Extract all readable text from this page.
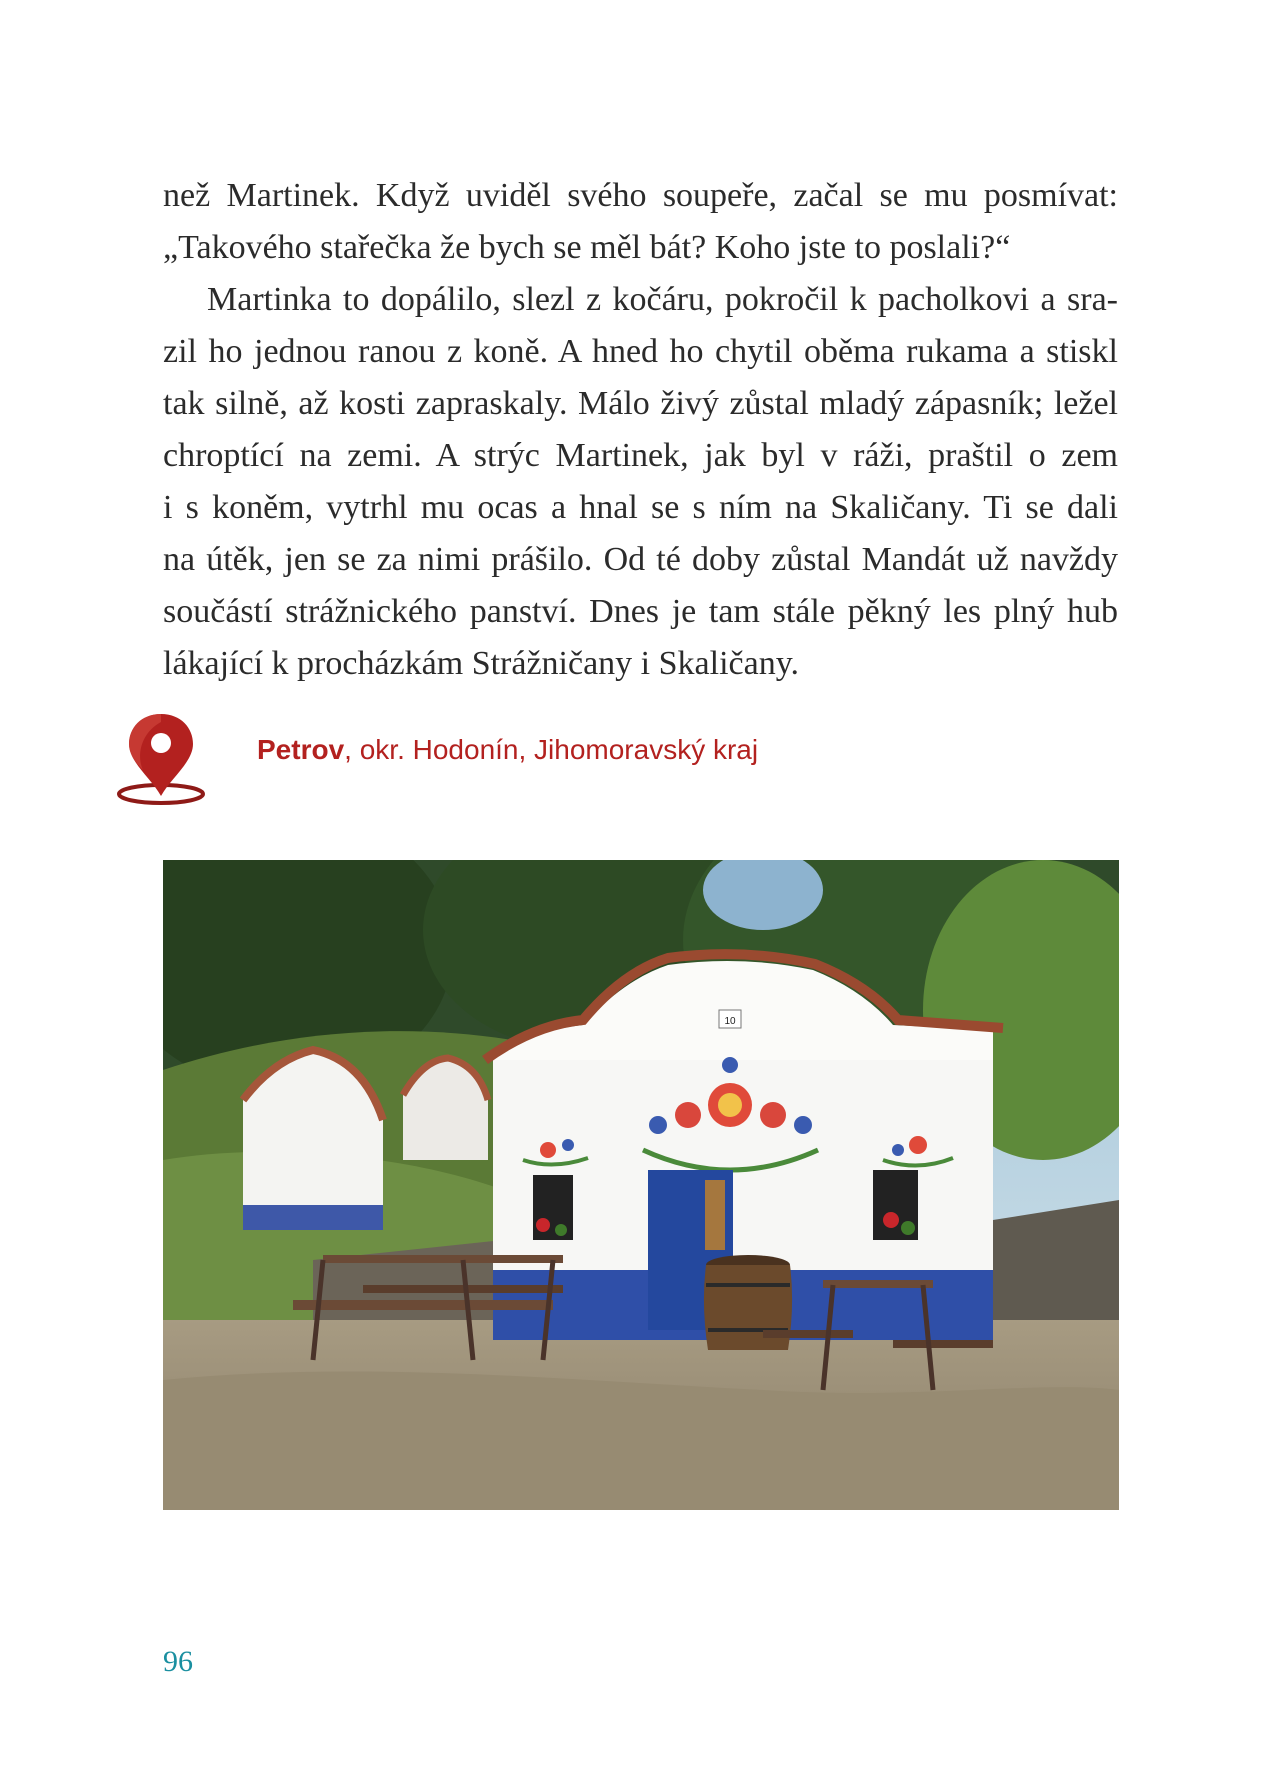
než Martinek. Když uviděl svého soupeře, začal se mu posmívat:
„Takového stařečka že bych se měl bát? Koho jste to poslali?“
Martinka to dopálilo, slezl z kočáru, pokročil k pacholkovi a sra-
zil ho jednou ranou z koně. A hned ho chytil oběma rukama a stiskl
tak silně, až kosti zapraskaly. Málo živý zůstal mladý zápasník; ležel
chroptící na zemi. A strýc Martinek, jak byl v ráži, praštil o zem
i s koněm, vytrhl mu ocas a hnal se s ním na Skaličany. Ti se dali
na útěk, jen se za nimi prášilo. Od té doby zůstal Mandát už navždy
součástí strážnického panství. Dnes je tam stále pěkný les plný hub
lákající k procházkám Strážničany i Skaličany.
Petrov, okr. Hodonín, Jihomoravský kraj
10
96
